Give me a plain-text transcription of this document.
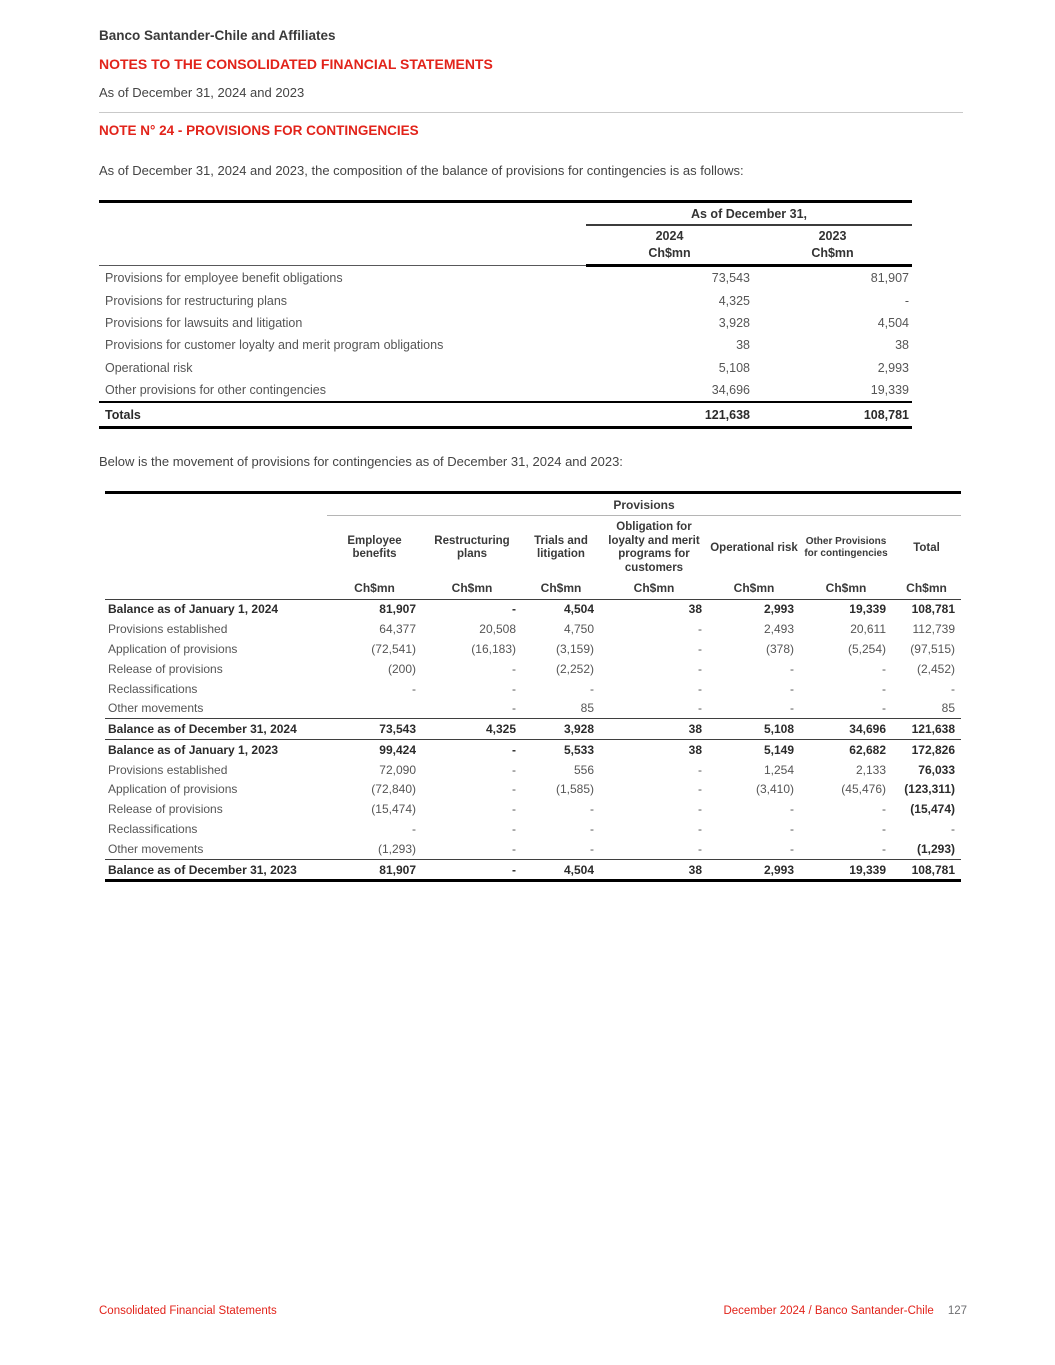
Banco Santander-Chile and Affiliates
NOTES TO THE CONSOLIDATED FINANCIAL STATEMENTS
As of December 31, 2024 and 2023
NOTE N° 24 - PROVISIONS FOR CONTINGENCIES

As of December 31, 2024 and 2023, the composition of the balance of provisions for contingencies is as follows:

	As of December 31,	
	2024	2023
	Ch$mn	Ch$mn
Provisions for employee benefit obligations	73,543	81,907
Provisions for restructuring plans	4,325	-
Provisions for lawsuits and litigation	3,928	4,504
Provisions for customer loyalty and merit program obligations	38	38
Operational risk	5,108	2,993
Other provisions for other contingencies	34,696	19,339
Totals	121,638	108,781

Below is the movement of provisions for contingencies as of December 31, 2024 and 2023:

	Provisions						
	Employee benefits	Restructuring plans	Trials and litigation	Obligation for loyalty and merit programs for customers	Operational risk	Other Provisions for contingencies	Total
	Ch$mn	Ch$mn	Ch$mn	Ch$mn	Ch$mn	Ch$mn	Ch$mn
Balance as of January 1, 2024	81,907	-	4,504	38	2,993	19,339	108,781
Provisions established	64,377	20,508	4,750	-	2,493	20,611	112,739
Application of provisions	(72,541)	(16,183)	(3,159)	-	(378)	(5,254)	(97,515)
Release of provisions	(200)	-	(2,252)	-	-	-	(2,452)
Reclassifications	-	-	-	-	-	-	-
Other movements		-	85	-	-	-	85
Balance as of December 31, 2024	73,543	4,325	3,928	38	5,108	34,696	121,638
Balance as of January 1, 2023	99,424	-	5,533	38	5,149	62,682	172,826
Provisions established	72,090	-	556	-	1,254	2,133	76,033
Application of provisions	(72,840)	-	(1,585)	-	(3,410)	(45,476)	(123,311)
Release of provisions	(15,474)	-	-	-	-	-	(15,474)
Reclassifications	-	-	-	-	-	-	-
Other movements	(1,293)	-	-	-	-	-	(1,293)
Balance as of December 31, 2023	81,907	-	4,504	38	2,993	19,339	108,781
Consolidated Financial Statements	December 2024 / Banco Santander-Chile 127
